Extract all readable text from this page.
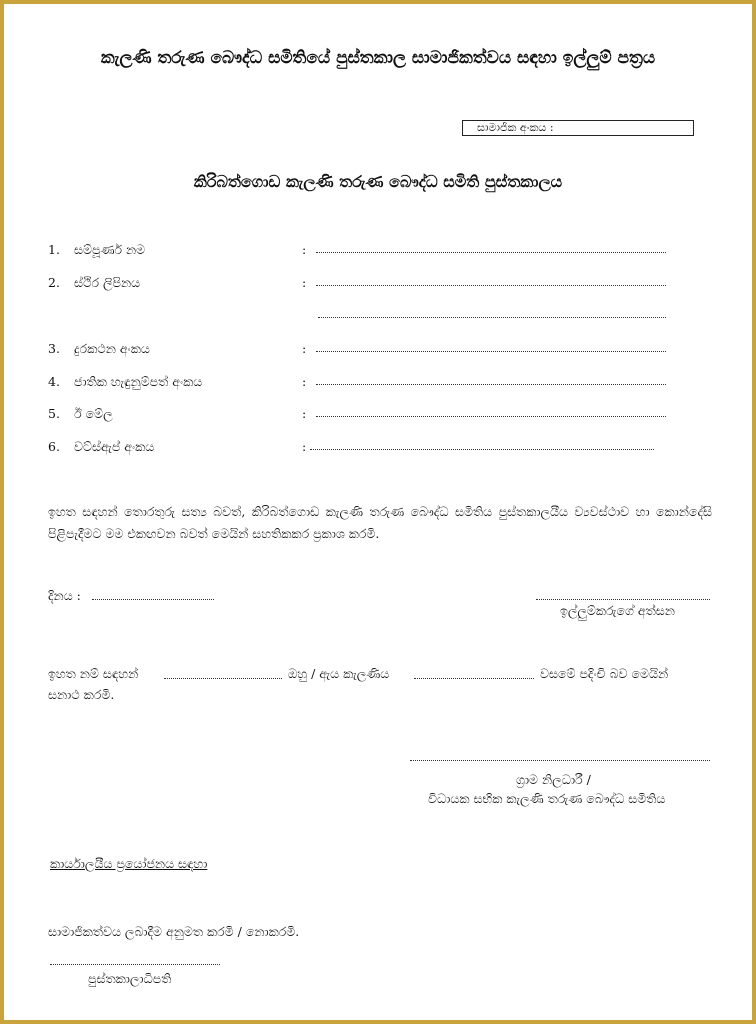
කැලණි තරුණ බෞද්ධ සමිතියේ පුස්තකාල සාමාජිකත්වය සඳහා ඉල්ලුම් පත්‍රය
සාමාජික අංකය :
කිරිබත්ගොඩ කැලණි තරුණ බෞද්ධ සමිති පුස්තකාලය
1. සම්පූර්ණ නම	:
2. ස්ථිර ලිපිනය	:
3. දුරකථන අංකය	:
4. ජාතික හැඳුනුම්පත් අංකය	:
5. ඊ මේල	:
6. වට්ස්ඇප් අංකය	:
ඉහත සඳහන් තොරතුරු සත්‍ය බවත්, කිරිබත්ගොඩ කැලණි තරුණ බෞද්ධ සමිතිය පුස්තකාලයීය ව්‍යවස්ථාව හා කොන්දේසි පිළිපැදීමට මම එකඟවන බවත් මෙයින් සහතිකකර ප්‍රකාශ කරමි.
දිනය :
ඉල්ලුම්කරුගේ අත්සන
ඉහත නම් සඳහන්	ඔහු / ඇය කැලණිය	වසමේ පදිංචි බව මෙයින්
සනාථ කරමි.
ග්‍රාම නිලධාරී /
විධායක සභික කැලණි තරුණ බෞද්ධ සමිතිය
කාර්යාලයීය ප්‍රයෝජනය සඳහා
සාමාජිකත්වය ලබාදීම අනුමත කරමි / නොකරමි.
පුස්තකාලාධිපති
